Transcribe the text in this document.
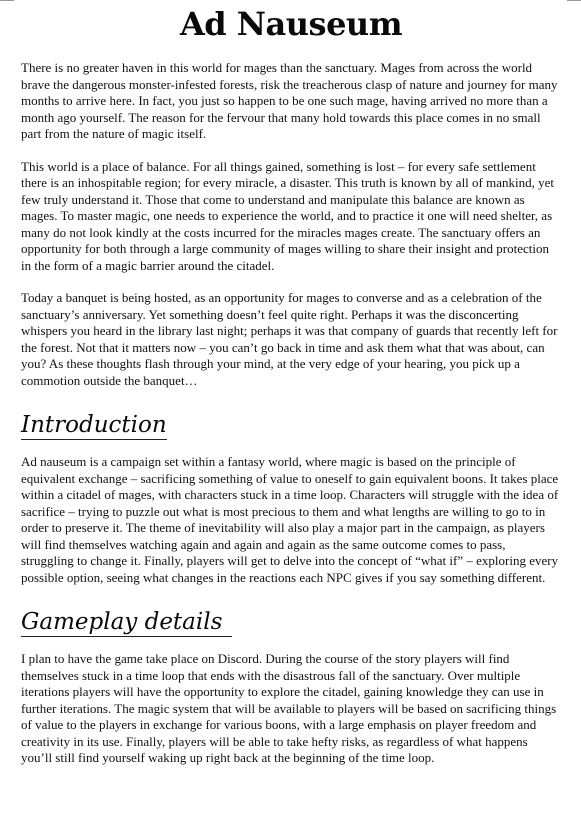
Ad Nauseum

There is no greater haven in this world for mages than the sanctuary. Mages from across the world brave the dangerous monster-infested forests, risk the treacherous clasp of nature and journey for many months to arrive here. In fact, you just so happen to be one such mage, having arrived no more than a month ago yourself. The reason for the fervour that many hold towards this place comes in no small part from the nature of magic itself.

This world is a place of balance. For all things gained, something is lost – for every safe settlement there is an inhospitable region; for every miracle, a disaster. This truth is known by all of mankind, yet few truly understand it. Those that come to understand and manipulate this balance are known as mages. To master magic, one needs to experience the world, and to practice it one will need shelter, as many do not look kindly at the costs incurred for the miracles mages create. The sanctuary offers an opportunity for both through a large community of mages willing to share their insight and protection in the form of a magic barrier around the citadel.

Today a banquet is being hosted, as an opportunity for mages to converse and as a celebration of the sanctuary’s anniversary. Yet something doesn’t feel quite right. Perhaps it was the disconcerting whispers you heard in the library last night; perhaps it was that company of guards that recently left for the forest. Not that it matters now – you can’t go back in time and ask them what that was about, can you? As these thoughts flash through your mind, at the very edge of your hearing, you pick up a commotion outside the banquet…

Introduction

Ad nauseum is a campaign set within a fantasy world, where magic is based on the principle of equivalent exchange – sacrificing something of value to oneself to gain equivalent boons. It takes place within a citadel of mages, with characters stuck in a time loop. Characters will struggle with the idea of sacrifice – trying to puzzle out what is most precious to them and what lengths are willing to go to in order to preserve it. The theme of inevitability will also play a major part in the campaign, as players will find themselves watching again and again and again as the same outcome comes to pass, struggling to change it. Finally, players will get to delve into the concept of “what if” – exploring every possible option, seeing what changes in the reactions each NPC gives if you say something different.

Gameplay details

I plan to have the game take place on Discord. During the course of the story players will find themselves stuck in a time loop that ends with the disastrous fall of the sanctuary. Over multiple iterations players will have the opportunity to explore the citadel, gaining knowledge they can use in further iterations. The magic system that will be available to players will be based on sacrificing things of value to the players in exchange for various boons, with a large emphasis on player freedom and creativity in its use. Finally, players will be able to take hefty risks, as regardless of what happens you’ll still find yourself waking up right back at the beginning of the time loop.
